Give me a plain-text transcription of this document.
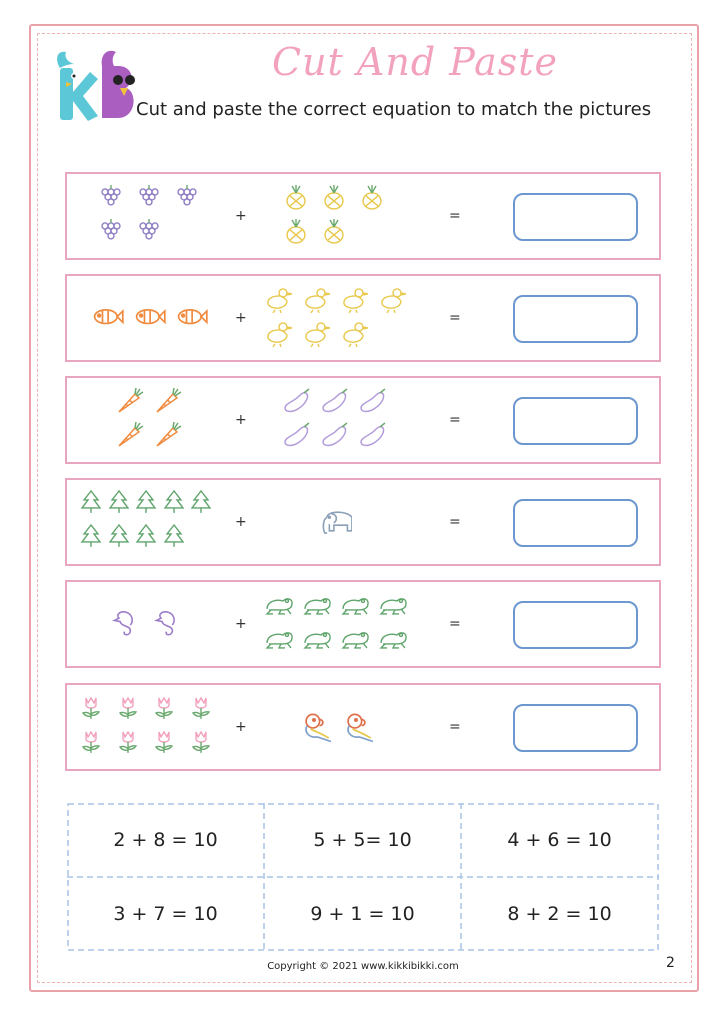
Cut And Paste
Cut and paste the correct equation to match the pictures
+	=
+	=
+	=
+	=
+	=
+	=
2 + 8 = 10	5 + 5= 10	4 + 6 = 10
3 + 7 = 10	9 + 1 = 10	8 + 2 = 10
Copyright © 2021 www.kikkibikki.com	2
